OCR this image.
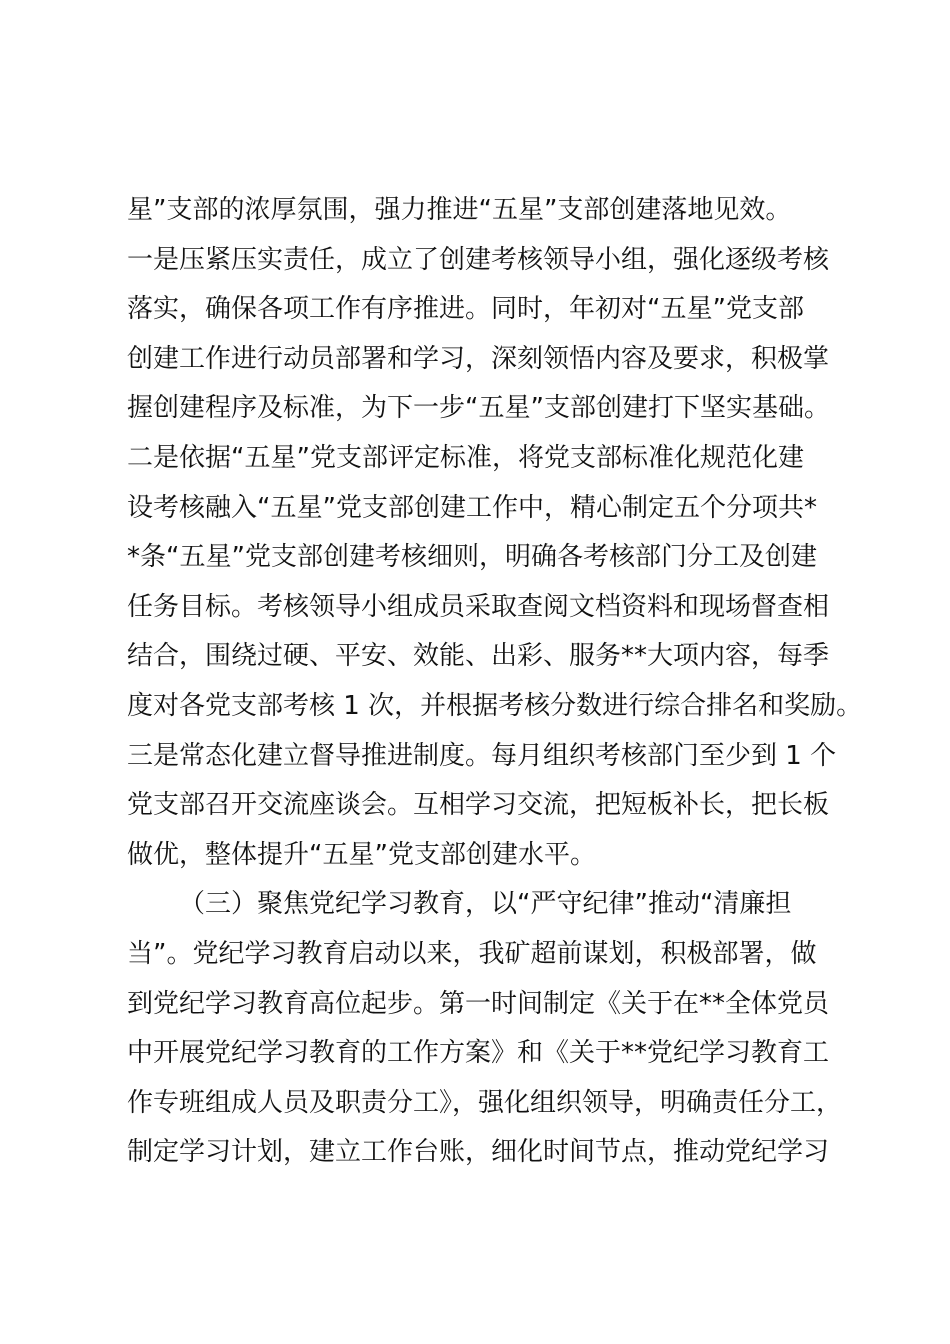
星”支部的浓厚氛围，强力推进“五星”支部创建落地见效。
一是压紧压实责任，成立了创建考核领导小组，强化逐级考核
落实，确保各项工作有序推进。同时，年初对“五星”党支部
创建工作进行动员部署和学习，深刻领悟内容及要求，积极掌
握创建程序及标准，为下一步“五星”支部创建打下坚实基础。
二是依据“五星”党支部评定标准，将党支部标准化规范化建
设考核融入“五星”党支部创建工作中，精心制定五个分项共*
*条“五星”党支部创建考核细则，明确各考核部门分工及创建
任务目标。考核领导小组成员采取查阅文档资料和现场督查相
结合，围绕过硬、平安、效能、出彩、服务**大项内容，每季
度对各党支部考核 1 次，并根据考核分数进行综合排名和奖励。
三是常态化建立督导推进制度。每月组织考核部门至少到 1 个
党支部召开交流座谈会。互相学习交流，把短板补长，把长板
做优，整体提升“五星”党支部创建水平。
（三）聚焦党纪学习教育，以“严守纪律”推动“清廉担
当”。党纪学习教育启动以来，我矿超前谋划，积极部署，做
到党纪学习教育高位起步。第一时间制定《关于在**全体党员
中开展党纪学习教育的工作方案》和《关于**党纪学习教育工
作专班组成人员及职责分工》，强化组织领导，明确责任分工，
制定学习计划，建立工作台账，细化时间节点，推动党纪学习
